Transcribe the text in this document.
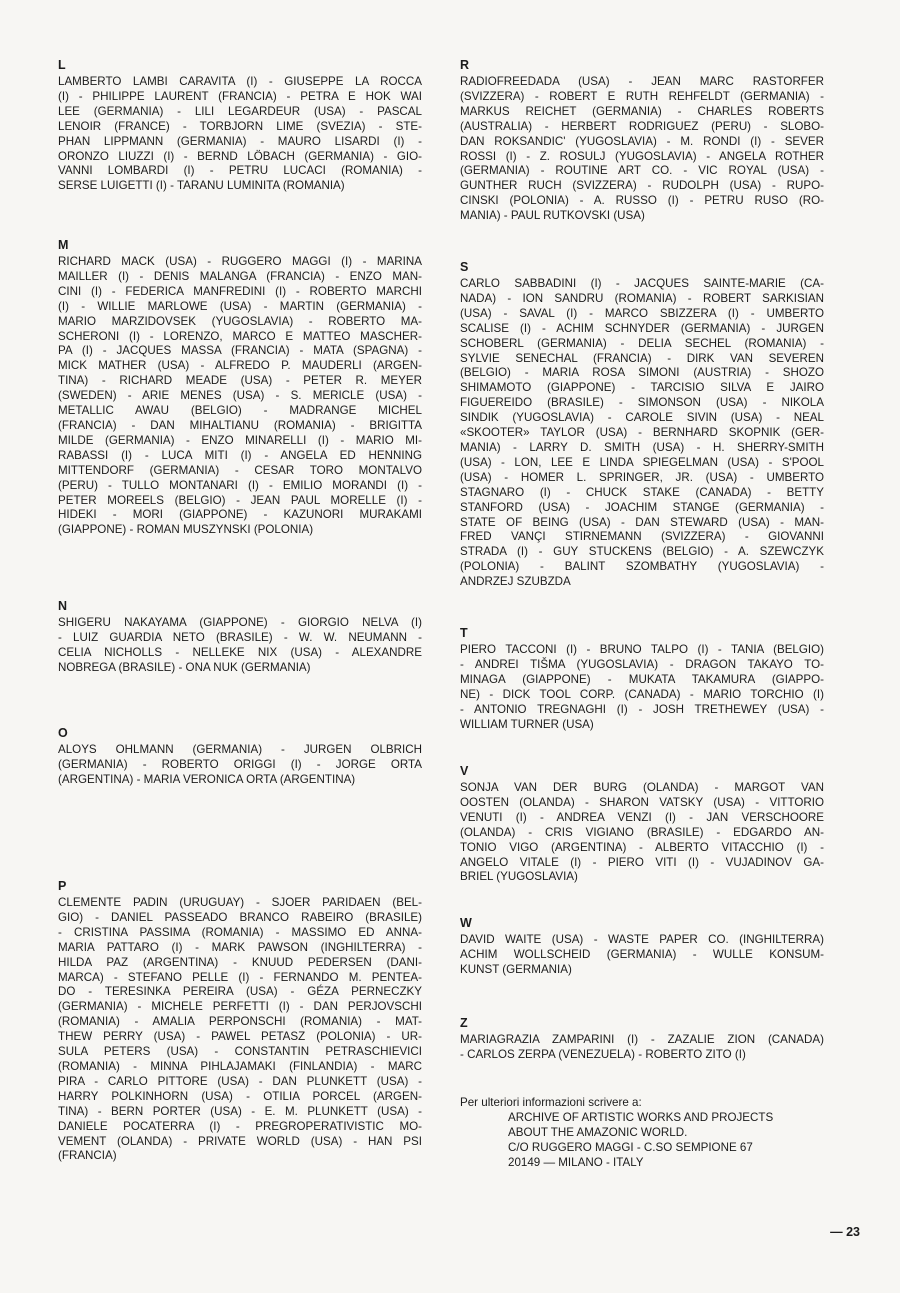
L
LAMBERTO LAMBI CARAVITA (I) - GIUSEPPE LA ROCCA
(I) - PHILIPPE LAURENT (FRANCIA) - PETRA E HOK WAI
LEE (GERMANIA) - LILI LEGARDEUR (USA) - PASCAL
LENOIR (FRANCE) - TORBJORN LIME (SVEZIA) - STE-
PHAN LIPPMANN (GERMANIA) - MAURO LISARDI (I) -
ORONZO LIUZZI (I) - BERND LÖBACH (GERMANIA) - GIO-
VANNI LOMBARDI (I) - PETRU LUCACI (ROMANIA) -
SERSE LUIGETTI (I) - TARANU LUMINITA (ROMANIA)
M
RICHARD MACK (USA) - RUGGERO MAGGI (I) - MARINA
MAILLER (I) - DENIS MALANGA (FRANCIA) - ENZO MAN-
CINI (I) - FEDERICA MANFREDINI (I) - ROBERTO MARCHI
(I) - WILLIE MARLOWE (USA) - MARTIN (GERMANIA) -
MARIO MARZIDOVSEK (YUGOSLAVIA) - ROBERTO MA-
SCHERONI (I) - LORENZO, MARCO E MATTEO MASCHER-
PA (I) - JACQUES MASSA (FRANCIA) - MATA (SPAGNA) -
MICK MATHER (USA) - ALFREDO P. MAUDERLI (ARGEN-
TINA) - RICHARD MEADE (USA) - PETER R. MEYER
(SWEDEN) - ARIE MENES (USA) - S. MERICLE (USA) -
METALLIC AWAU (BELGIO) - MADRANGE MICHEL
(FRANCIA) - DAN MIHALTIANU (ROMANIA) - BRIGITTA
MILDE (GERMANIA) - ENZO MINARELLI (I) - MARIO MI-
RABASSI (I) - LUCA MITI (I) - ANGELA ED HENNING
MITTENDORF (GERMANIA) - CESAR TORO MONTALVO
(PERU) - TULLO MONTANARI (I) - EMILIO MORANDI (I) -
PETER MOREELS (BELGIO) - JEAN PAUL MORELLE (I) -
HIDEKI - MORI (GIAPPONE) - KAZUNORI MURAKAMI
(GIAPPONE) - ROMAN MUSZYNSKI (POLONIA)
N
SHIGERU NAKAYAMA (GIAPPONE) - GIORGIO NELVA (I)
- LUIZ GUARDIA NETO (BRASILE) - W. W. NEUMANN -
CELIA NICHOLLS - NELLEKE NIX (USA) - ALEXANDRE
NOBREGA (BRASILE) - ONA NUK (GERMANIA)
O
ALOYS OHLMANN (GERMANIA) - JURGEN OLBRICH
(GERMANIA) - ROBERTO ORIGGI (I) - JORGE ORTA
(ARGENTINA) - MARIA VERONICA ORTA (ARGENTINA)
P
CLEMENTE PADIN (URUGUAY) - SJOER PARIDAEN (BEL-
GIO) - DANIEL PASSEADO BRANCO RABEIRO (BRASILE)
- CRISTINA PASSIMA (ROMANIA) - MASSIMO ED ANNA-
MARIA PATTARO (I) - MARK PAWSON (INGHILTERRA) -
HILDA PAZ (ARGENTINA) - KNUUD PEDERSEN (DANI-
MARCA) - STEFANO PELLE (I) - FERNANDO M. PENTEA-
DO - TERESINKA PEREIRA (USA) - GÉZA PERNECZKY
(GERMANIA) - MICHELE PERFETTI (I) - DAN PERJOVSCHI
(ROMANIA) - AMALIA PERPONSCHI (ROMANIA) - MAT-
THEW PERRY (USA) - PAWEL PETASZ (POLONIA) - UR-
SULA PETERS (USA) - CONSTANTIN PETRASCHIEVICI
(ROMANIA) - MINNA PIHLAJAMAKI (FINLANDIA) - MARC
PIRA - CARLO PITTORE (USA) - DAN PLUNKETT (USA) -
HARRY POLKINHORN (USA) - OTILIA PORCEL (ARGEN-
TINA) - BERN PORTER (USA) - E. M. PLUNKETT (USA) -
DANIELE POCATERRA (I) - PREGROPERATIVISTIC MO-
VEMENT (OLANDA) - PRIVATE WORLD (USA) - HAN PSI
(FRANCIA)
R
RADIOFREEDADA (USA) - JEAN MARC RASTORFER
(SVIZZERA) - ROBERT E RUTH REHFELDT (GERMANIA) -
MARKUS REICHET (GERMANIA) - CHARLES ROBERTS
(AUSTRALIA) - HERBERT RODRIGUEZ (PERU) - SLOBO-
DAN ROKSANDIC' (YUGOSLAVIA) - M. RONDI (I) - SEVER
ROSSI (I) - Z. ROSULJ (YUGOSLAVIA) - ANGELA ROTHER
(GERMANIA) - ROUTINE ART CO. - VIC ROYAL (USA) -
GUNTHER RUCH (SVIZZERA) - RUDOLPH (USA) - RUPO-
CINSKI (POLONIA) - A. RUSSO (I) - PETRU RUSO (RO-
MANIA) - PAUL RUTKOVSKI (USA)
S
CARLO SABBADINI (I) - JACQUES SAINTE-MARIE (CA-
NADA) - ION SANDRU (ROMANIA) - ROBERT SARKISIAN
(USA) - SAVAL (I) - MARCO SBIZZERA (I) - UMBERTO
SCALISE (I) - ACHIM SCHNYDER (GERMANIA) - JURGEN
SCHOBERL (GERMANIA) - DELIA SECHEL (ROMANIA) -
SYLVIE SENECHAL (FRANCIA) - DIRK VAN SEVEREN
(BELGIO) - MARIA ROSA SIMONI (AUSTRIA) - SHOZO
SHIMAMOTO (GIAPPONE) - TARCISIO SILVA E JAIRO
FIGUEREIDO (BRASILE) - SIMONSON (USA) - NIKOLA
SINDIK (YUGOSLAVIA) - CAROLE SIVIN (USA) - NEAL
«SKOOTER» TAYLOR (USA) - BERNHARD SKOPNIK (GER-
MANIA) - LARRY D. SMITH (USA) - H. SHERRY-SMITH
(USA) - LON, LEE E LINDA SPIEGELMAN (USA) - S'POOL
(USA) - HOMER L. SPRINGER, JR. (USA) - UMBERTO
STAGNARO (I) - CHUCK STAKE (CANADA) - BETTY
STANFORD (USA) - JOACHIM STANGE (GERMANIA) -
STATE OF BEING (USA) - DAN STEWARD (USA) - MAN-
FRED VANÇI STIRNEMANN (SVIZZERA) - GIOVANNI
STRADA (I) - GUY STUCKENS (BELGIO) - A. SZEWCZYK
(POLONIA) - BALINT SZOMBATHY (YUGOSLAVIA) -
ANDRZEJ SZUBZDA
T
PIERO TACCONI (I) - BRUNO TALPO (I) - TANIA (BELGIO)
- ANDREI TIŠMA (YUGOSLAVIA) - DRAGON TAKAYO TO-
MINAGA (GIAPPONE) - MUKATA TAKAMURA (GIAPPO-
NE) - DICK TOOL CORP. (CANADA) - MARIO TORCHIO (I)
- ANTONIO TREGNAGHI (I) - JOSH TRETHEWEY (USA) -
WILLIAM TURNER (USA)
V
SONJA VAN DER BURG (OLANDA) - MARGOT VAN
OOSTEN (OLANDA) - SHARON VATSKY (USA) - VITTORIO
VENUTI (I) - ANDREA VENZI (I) - JAN VERSCHOORE
(OLANDA) - CRIS VIGIANO (BRASILE) - EDGARDO AN-
TONIO VIGO (ARGENTINA) - ALBERTO VITACCHIO (I) -
ANGELO VITALE (I) - PIERO VITI (I) - VUJADINOV GA-
BRIEL (YUGOSLAVIA)
W
DAVID WAITE (USA) - WASTE PAPER CO. (INGHILTERRA)
ACHIM WOLLSCHEID (GERMANIA) - WULLE KONSUM-
KUNST (GERMANIA)
Z
MARIAGRAZIA ZAMPARINI (I) - ZAZALIE ZION (CANADA)
- CARLOS ZERPA (VENEZUELA) - ROBERTO ZITO (I)

Per ulteriori informazioni scrivere a:

ARCHIVE OF ARTISTIC WORKS AND PROJECTS
ABOUT THE AMAZONIC WORLD.
C/O RUGGERO MAGGI - C.SO SEMPIONE 67
20149 — MILANO - ITALY
— 23
